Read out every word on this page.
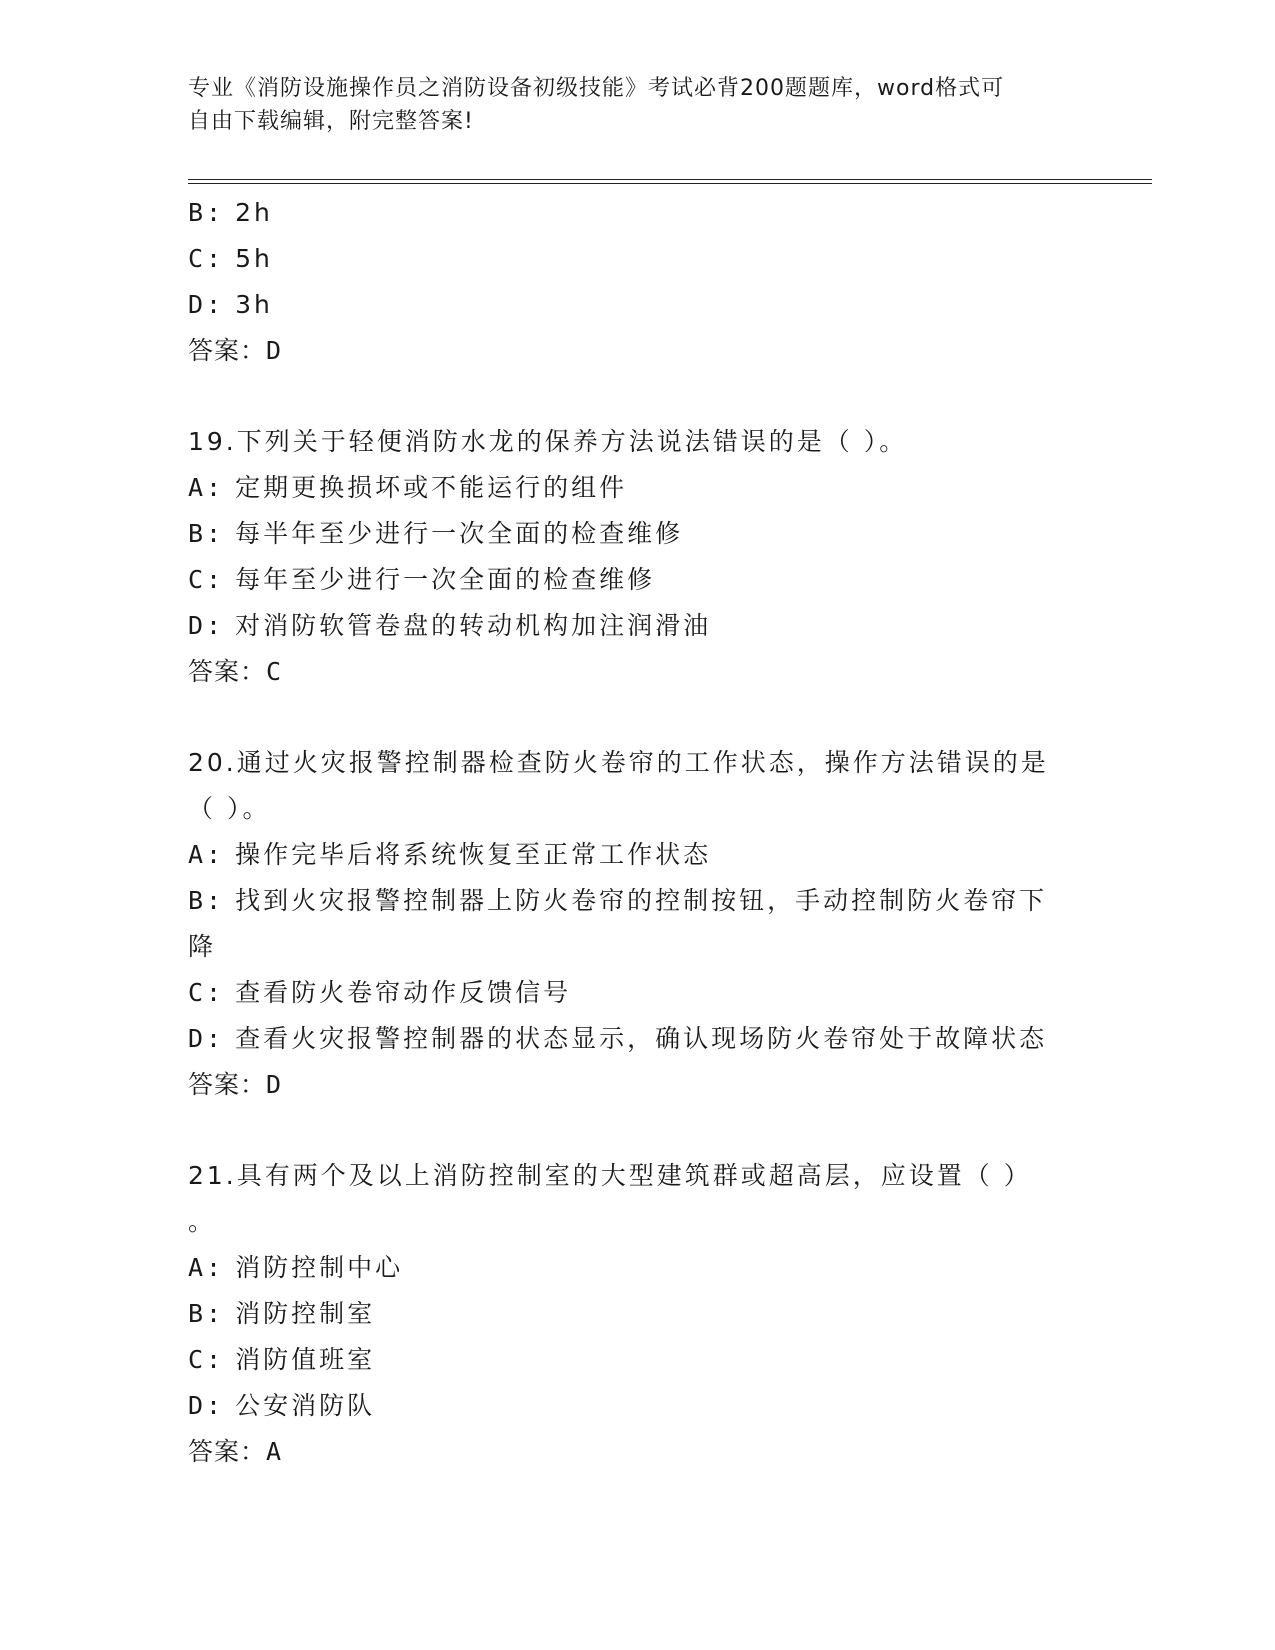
专业《消防设施操作员之消防设备初级技能》考试必背200题题库，word格式可
自由下载编辑，附完整答案!
B: 2h
C: 5h
D: 3h
答案：D
19.下列关于轻便消防水龙的保养方法说法错误的是（ ）。
A: 定期更换损坏或不能运行的组件
B: 每半年至少进行一次全面的检查维修
C: 每年至少进行一次全面的检查维修
D: 对消防软管卷盘的转动机构加注润滑油
答案：C
20.通过火灾报警控制器检查防火卷帘的工作状态，操作方法错误的是
（ ）。
A: 操作完毕后将系统恢复至正常工作状态
B: 找到火灾报警控制器上防火卷帘的控制按钮，手动控制防火卷帘下
降
C: 查看防火卷帘动作反馈信号
D: 查看火灾报警控制器的状态显示，确认现场防火卷帘处于故障状态
答案：D
21.具有两个及以上消防控制室的大型建筑群或超高层，应设置（ ）
。
A: 消防控制中心
B: 消防控制室
C: 消防值班室
D: 公安消防队
答案：A
